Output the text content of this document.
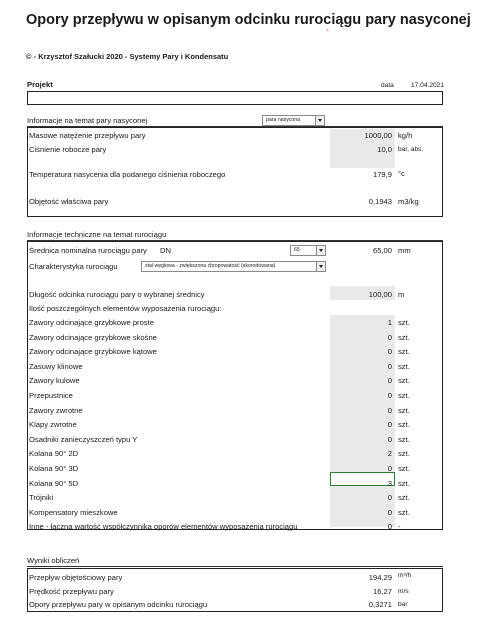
Opory przepływu w opisanym odcinku rurociągu pary nasyconej
`
© - Krzysztof Szałucki 2020 - Systemy Pary i Kondensatu
Projekt	data	17.04.2021
Informacje na temat pary nasyconej	para nasycona
Masowe natężenie przepływu pary	1000,00 kg/h
Ciśnienie robocze pary	10,0 bar, abs.
Temperatura nasycenia dla podanego ciśnienia roboczego	179,9 °c
Objętość właściwa pary	0,1943 m3/kg
Informacje techniczne na temat rurociągu
Średnica nominalna rurociągu pary DN	65	65,00 mm
Charakterystyka rurociągu	stal węglowa - zwiększona chropowatość (skorodowana)
Długość odcinka rurociągu pary o wybranej średnicy	100,00 m
Ilość poszczególnych elementów wyposażenia rurociągu:
Zawory odcinające grzybkowe proste	1 szt.
Zawory odcinające grzybkowe skośne	0 szt.
Zawory odcinające grzybkowe kątowe	0 szt.
Zasuwy klinowe	0 szt.
Zawory kulowe	0 szt.
Przepustnice	0 szt.
Zawory zwrotne	0 szt.
Klapy zwrotne	0 szt.
Osadniki zanieczyszczeń typu Y	0 szt.
Kolana 90° 2D	2 szt.
Kolana 90° 3D	0 szt.
Kolana 90° 5D	3 szt.
Trójniki	0 szt.
Kompensatory mieszkowe	0 szt.
Inne - łączna wartość współczynnika oporów elementów wyposażenia rurociągu	0 -
Wyniki obliczeń
Przepływ objętościowy pary	194,29 m³/h
Prędkość przepływu pary	16,27 m/s
Opory przepływu pary w opisanym odcinku rurociągu	0,3271 bar
